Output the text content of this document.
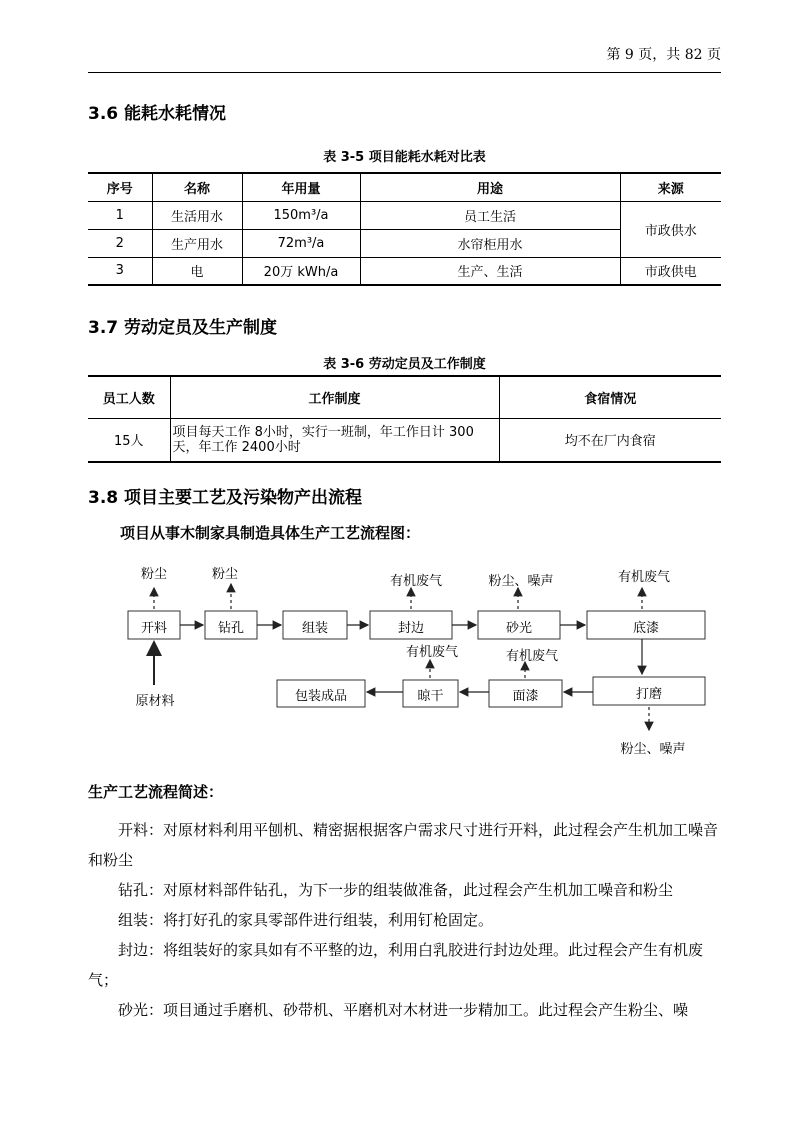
第 9 页，共 82 页
3.6 能耗水耗情况
表 3-5 项目能耗水耗对比表
序号	名称	年用量	用途	来源
1	生活用水	150m³/a	员工生活	市政供水
2	生产用水	72m³/a	水帘柜用水	
3	电	20万 kWh/a	生产、生活	市政供电
3.7 劳动定员及生产制度
表 3-6 劳动定员及工作制度
员工人数	工作制度	食宿情况
15人	项目每天工作 8小时，实行一班制，年工作日计 300天，年工作 2400小时	均不在厂内食宿
3.8 项目主要工艺及污染物产出流程
项目从事木制家具制造具体生产工艺流程图：
开料	钻孔	组装	封边	砂光	底漆
打磨
面漆
晾干
包装成品
原材料
粉尘	粉尘	有机废气	粉尘、噪声	有机废气
有机废气	有机废气
粉尘、噪声
生产工艺流程简述：

开料：对原材料利用平刨机、精密据根据客户需求尺寸进行开料，此过程会产生机加工噪音和粉尘

钻孔：对原材料部件钻孔，为下一步的组装做准备，此过程会产生机加工噪音和粉尘

组装：将打好孔的家具零部件进行组装，利用钉枪固定。

封边：将组装好的家具如有不平整的边，利用白乳胶进行封边处理。此过程会产生有机废气；

砂光：项目通过手磨机、砂带机、平磨机对木材进一步精加工。此过程会产生粉尘、噪
